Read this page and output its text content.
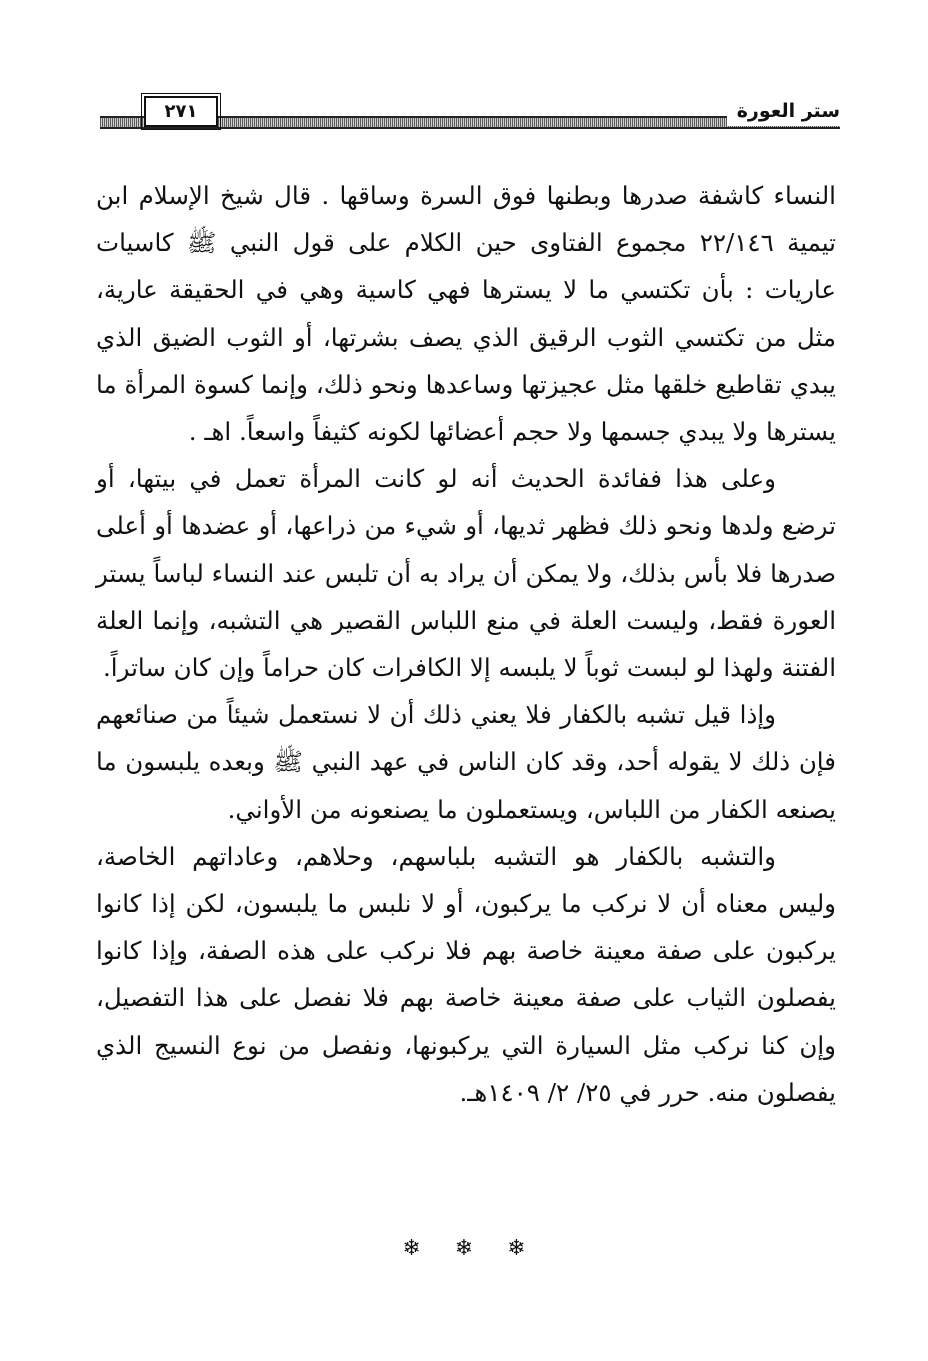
ستر العورة
٢٧١

النساء كاشفة صدرها وبطنها فوق السرة وساقها . قال شيخ الإسلام ابن تيمية ٢٢/١٤٦ مجموع الفتاوى حين الكلام على قول النبي ﷺ كاسيات عاريات : بأن تكتسي ما لا يسترها فهي كاسية وهي في الحقيقة عارية، مثل من تكتسي الثوب الرقيق الذي يصف بشرتها، أو الثوب الضيق الذي يبدي تقاطيع خلقها مثل عجيزتها وساعدها ونحو ذلك، وإنما كسوة المرأة ما يسترها ولا يبدي جسمها ولا حجم أعضائها لكونه كثيفاً واسعاً. اهـ .

وعلى هذا ففائدة الحديث أنه لو كانت المرأة تعمل في بيتها، أو ترضع ولدها ونحو ذلك فظهر ثديها، أو شيء من ذراعها، أو عضدها أو أعلى صدرها فلا بأس بذلك، ولا يمكن أن يراد به أن تلبس عند النساء لباساً يستر العورة فقط، وليست العلة في منع اللباس القصير هي التشبه، وإنما العلة الفتنة ولهذا لو لبست ثوباً لا يلبسه إلا الكافرات كان حراماً وإن كان ساتراً.

وإذا قيل تشبه بالكفار فلا يعني ذلك أن لا نستعمل شيئاً من صنائعهم فإن ذلك لا يقوله أحد، وقد كان الناس في عهد النبي ﷺ وبعده يلبسون ما يصنعه الكفار من اللباس، ويستعملون ما يصنعونه من الأواني.

والتشبه بالكفار هو التشبه بلباسهم، وحلاهم، وعاداتهم الخاصة، وليس معناه أن لا نركب ما يركبون، أو لا نلبس ما يلبسون، لكن إذا كانوا يركبون على صفة معينة خاصة بهم فلا نركب على هذه الصفة، وإذا كانوا يفصلون الثياب على صفة معينة خاصة بهم فلا نفصل على هذا التفصيل، وإن كنا نركب مثل السيارة التي يركبونها، ونفصل من نوع النسيج الذي يفصلون منه. حرر في ٢٥/ ٢/ ١٤٠٩هـ.

❄❄❄
